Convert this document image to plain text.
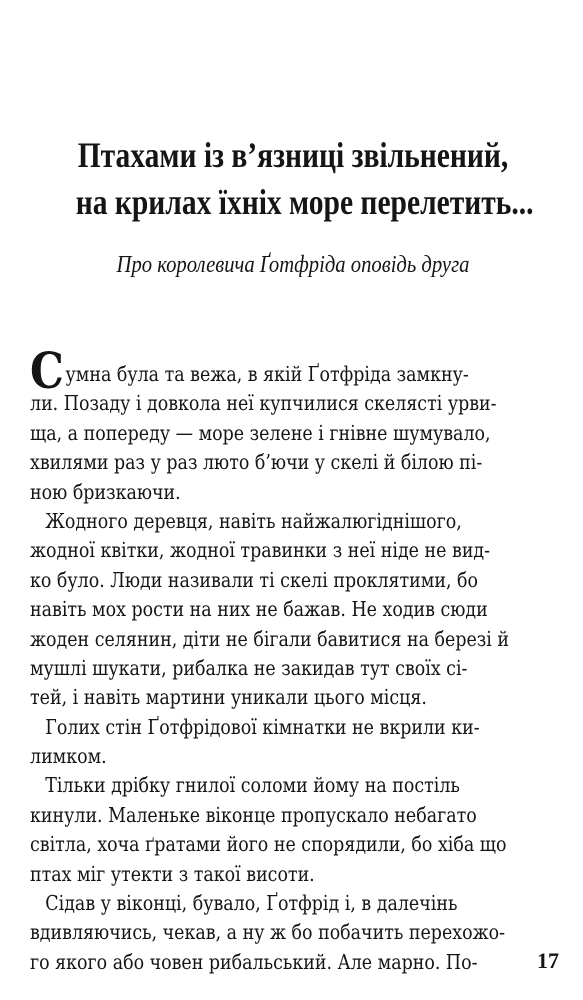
Птахами із в’язниці звільнений,
на крилах їхніх море перелетить...

Про королевича Ґотфріда оповідь друга

Сумна була та вежа, в якій Ґотфріда замкну-
ли. Позаду і довкола неї купчилися скелясті урви-
ща, а попереду — море зелене і гнівне шумувало,
хвилями раз у раз люто б’ючи у скелі й білою пі-
ною бризкаючи.
Жодного деревця, навіть найжалюгіднішого,
жодної квітки, жодної травинки з неї ніде не вид-
ко було. Люди називали ті скелі проклятими, бо
навіть мох рости на них не бажав. Не ходив сюди
жоден селянин, діти не бігали бавитися на березі й
мушлі шукати, рибалка не закидав тут своїх сі-
тей, і навіть мартини уникали цього місця.
Голих стін Ґотфрідової кімнатки не вкрили ки-
лимком.
Тільки дрібку гнилої соломи йому на постіль
кинули. Маленьке віконце пропускало небагато
світла, хоча ґратами його не спорядили, бо хіба що
птах міг утекти з такої висоти.
Сідав у віконці, бувало, Ґотфрід і, в далечінь
вдивляючись, чекав, а ну ж бо побачить перехожо-
го якого або човен рибальський. Але марно. По-	17
